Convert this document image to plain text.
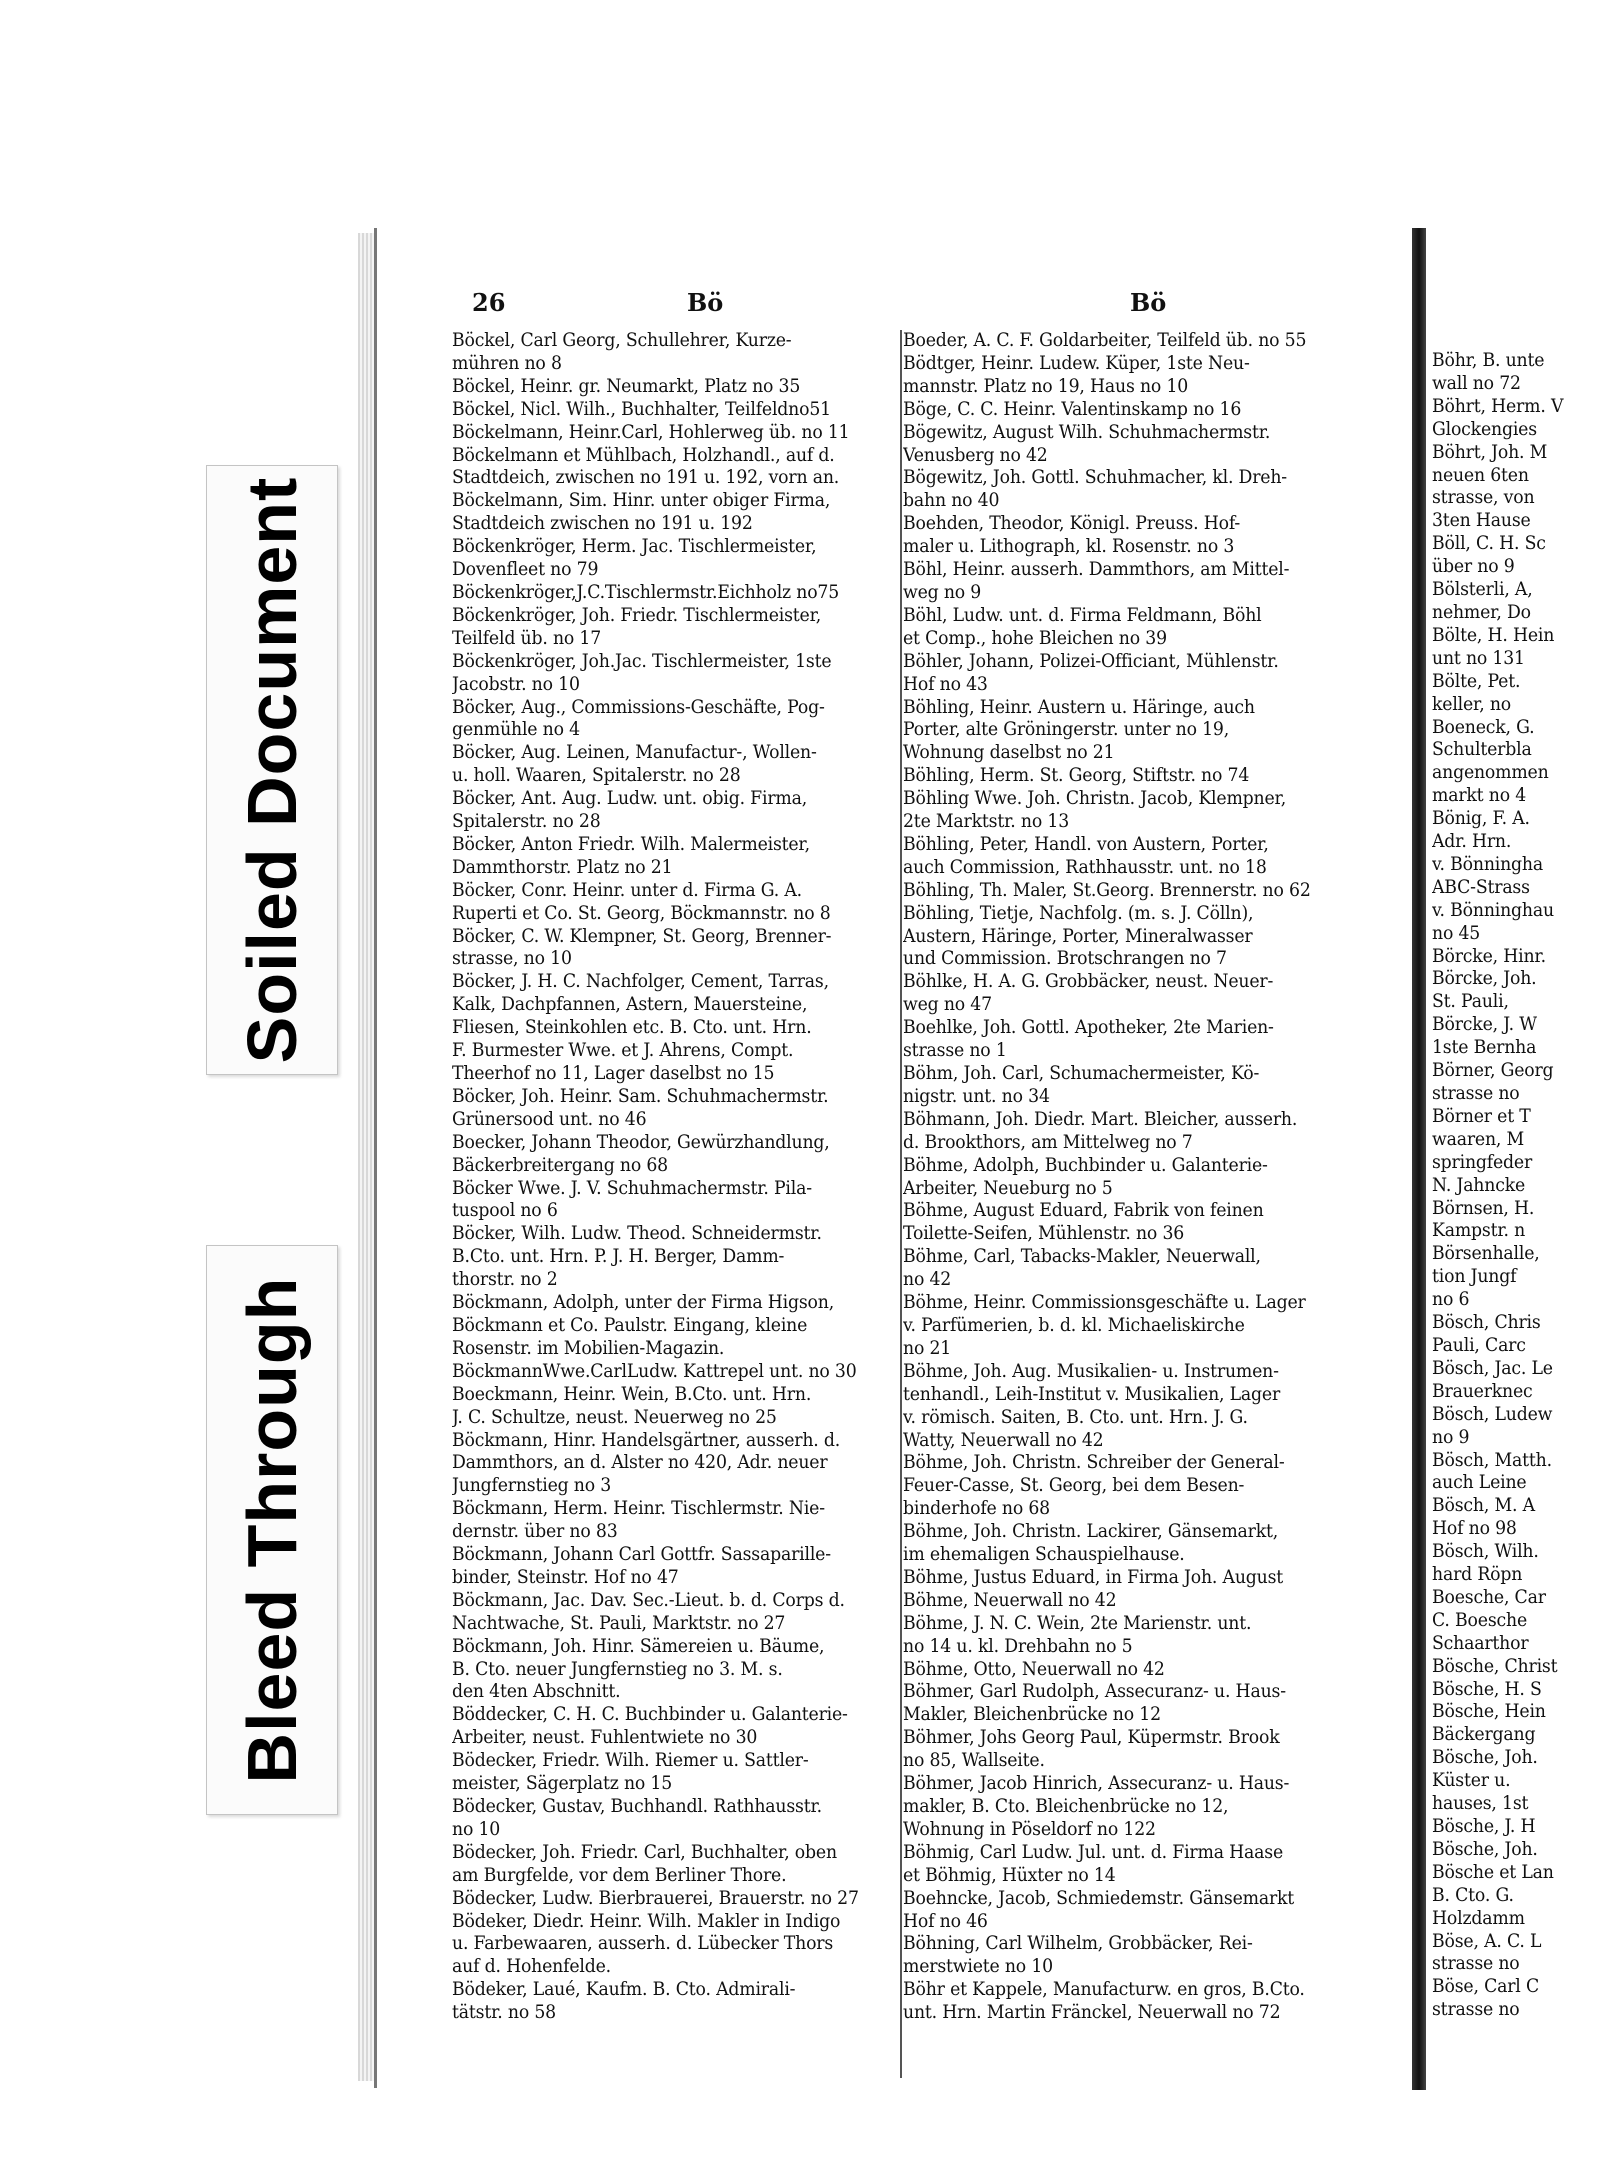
Soiled Document
Bleed Through
26	Bö	Bö
Böckel, Carl Georg, Schullehrer, Kurze-
mühren no 8
Böckel, Heinr. gr. Neumarkt, Platz no 35
Böckel, Nicl. Wilh., Buchhalter, Teilfeldno51
Böckelmann, Heinr.Carl, Hohlerweg üb. no 11
Böckelmann et Mühlbach, Holzhandl., auf d.
Stadtdeich, zwischen no 191 u. 192, vorn an.
Böckelmann, Sim. Hinr. unter obiger Firma,
Stadtdeich zwischen no 191 u. 192
Böckenkröger, Herm. Jac. Tischlermeister,
Dovenfleet no 79
Böckenkröger,J.C.Tischlermstr.Eichholz no75
Böckenkröger, Joh. Friedr. Tischlermeister,
Teilfeld üb. no 17
Böckenkröger, Joh.Jac. Tischlermeister, 1ste
Jacobstr. no 10
Böcker, Aug., Commissions-Geschäfte, Pog-
genmühle no 4
Böcker, Aug. Leinen, Manufactur-, Wollen-
u. holl. Waaren, Spitalerstr. no 28
Böcker, Ant. Aug. Ludw. unt. obig. Firma,
Spitalerstr. no 28
Böcker, Anton Friedr. Wilh. Malermeister,
Dammthorstr. Platz no 21
Böcker, Conr. Heinr. unter d. Firma G. A.
Ruperti et Co. St. Georg, Böckmannstr. no 8
Böcker, C. W. Klempner, St. Georg, Brenner-
strasse, no 10
Böcker, J. H. C. Nachfolger, Cement, Tarras,
Kalk, Dachpfannen, Astern, Mauersteine,
Fliesen, Steinkohlen etc. B. Cto. unt. Hrn.
F. Burmester Wwe. et J. Ahrens, Compt.
Theerhof no 11, Lager daselbst no 15
Böcker, Joh. Heinr. Sam. Schuhmachermstr.
Grünersood unt. no 46
Boecker, Johann Theodor, Gewürzhandlung,
Bäckerbreitergang no 68
Böcker Wwe. J. V. Schuhmachermstr. Pila-
tuspool no 6
Böcker, Wilh. Ludw. Theod. Schneidermstr.
B.Cto. unt. Hrn. P. J. H. Berger, Damm-
thorstr. no 2
Böckmann, Adolph, unter der Firma Higson,
Böckmann et Co. Paulstr. Eingang, kleine
Rosenstr. im Mobilien-Magazin.
BöckmannWwe.CarlLudw. Kattrepel unt. no 30
Boeckmann, Heinr. Wein, B.Cto. unt. Hrn.
J. C. Schultze, neust. Neuerweg no 25
Böckmann, Hinr. Handelsgärtner, ausserh. d.
Dammthors, an d. Alster no 420, Adr. neuer
Jungfernstieg no 3
Böckmann, Herm. Heinr. Tischlermstr. Nie-
dernstr. über no 83
Böckmann, Johann Carl Gottfr. Sassaparille-
binder, Steinstr. Hof no 47
Böckmann, Jac. Dav. Sec.-Lieut. b. d. Corps d.
Nachtwache, St. Pauli, Marktstr. no 27
Böckmann, Joh. Hinr. Sämereien u. Bäume,
B. Cto. neuer Jungfernstieg no 3. M. s.
den 4ten Abschnitt.
Böddecker, C. H. C. Buchbinder u. Galanterie-
Arbeiter, neust. Fuhlentwiete no 30
Bödecker, Friedr. Wilh. Riemer u. Sattler-
meister, Sägerplatz no 15
Bödecker, Gustav, Buchhandl. Rathhausstr.
no 10
Bödecker, Joh. Friedr. Carl, Buchhalter, oben
am Burgfelde, vor dem Berliner Thore.
Bödecker, Ludw. Bierbrauerei, Brauerstr. no 27
Bödeker, Diedr. Heinr. Wilh. Makler in Indigo
u. Farbewaaren, ausserh. d. Lübecker Thors
auf d. Hohenfelde.
Bödeker, Laué, Kaufm. B. Cto. Admirali-
tätstr. no 58
Boeder, A. C. F. Goldarbeiter, Teilfeld üb. no 55
Bödtger, Heinr. Ludew. Küper, 1ste Neu-
mannstr. Platz no 19, Haus no 10
Böge, C. C. Heinr. Valentinskamp no 16
Bögewitz, August Wilh. Schuhmachermstr.
Venusberg no 42
Bögewitz, Joh. Gottl. Schuhmacher, kl. Dreh-
bahn no 40
Boehden, Theodor, Königl. Preuss. Hof-
maler u. Lithograph, kl. Rosenstr. no 3
Böhl, Heinr. ausserh. Dammthors, am Mittel-
weg no 9
Böhl, Ludw. unt. d. Firma Feldmann, Böhl
et Comp., hohe Bleichen no 39
Böhler, Johann, Polizei-Officiant, Mühlenstr.
Hof no 43
Böhling, Heinr. Austern u. Häringe, auch
Porter, alte Gröningerstr. unter no 19,
Wohnung daselbst no 21
Böhling, Herm. St. Georg, Stiftstr. no 74
Böhling Wwe. Joh. Christn. Jacob, Klempner,
2te Marktstr. no 13
Böhling, Peter, Handl. von Austern, Porter,
auch Commission, Rathhausstr. unt. no 18
Böhling, Th. Maler, St.Georg. Brennerstr. no 62
Böhling, Tietje, Nachfolg. (m. s. J. Cölln),
Austern, Häringe, Porter, Mineralwasser
und Commission. Brotschrangen no 7
Böhlke, H. A. G. Grobbäcker, neust. Neuer-
weg no 47
Boehlke, Joh. Gottl. Apotheker, 2te Marien-
strasse no 1
Böhm, Joh. Carl, Schumachermeister, Kö-
nigstr. unt. no 34
Böhmann, Joh. Diedr. Mart. Bleicher, ausserh.
d. Brookthors, am Mittelweg no 7
Böhme, Adolph, Buchbinder u. Galanterie-
Arbeiter, Neueburg no 5
Böhme, August Eduard, Fabrik von feinen
Toilette-Seifen, Mühlenstr. no 36
Böhme, Carl, Tabacks-Makler, Neuerwall,
no 42
Böhme, Heinr. Commissionsgeschäfte u. Lager
v. Parfümerien, b. d. kl. Michaeliskirche
no 21
Böhme, Joh. Aug. Musikalien- u. Instrumen-
tenhandl., Leih-Institut v. Musikalien, Lager
v. römisch. Saiten, B. Cto. unt. Hrn. J. G.
Watty, Neuerwall no 42
Böhme, Joh. Christn. Schreiber der General-
Feuer-Casse, St. Georg, bei dem Besen-
binderhofe no 68
Böhme, Joh. Christn. Lackirer, Gänsemarkt,
im ehemaligen Schauspielhause.
Böhme, Justus Eduard, in Firma Joh. August
Böhme, Neuerwall no 42
Böhme, J. N. C. Wein, 2te Marienstr. unt.
no 14 u. kl. Drehbahn no 5
Böhme, Otto, Neuerwall no 42
Böhmer, Garl Rudolph, Assecuranz- u. Haus-
Makler, Bleichenbrücke no 12
Böhmer, Johs Georg Paul, Küpermstr. Brook
no 85, Wallseite.
Böhmer, Jacob Hinrich, Assecuranz- u. Haus-
makler, B. Cto. Bleichenbrücke no 12,
Wohnung in Pöseldorf no 122
Böhmig, Carl Ludw. Jul. unt. d. Firma Haase
et Böhmig, Hüxter no 14
Boehncke, Jacob, Schmiedemstr. Gänsemarkt
Hof no 46
Böhning, Carl Wilhelm, Grobbäcker, Rei-
merstwiete no 10
Böhr et Kappele, Manufacturw. en gros, B.Cto.
unt. Hrn. Martin Fränckel, Neuerwall no 72
Böhr, B. unte
wall no 72
Böhrt, Herm. V
Glockengies
Böhrt, Joh. M
neuen 6ten
strasse, von
3ten Hause
Böll, C. H. Sc
über no 9
Bölsterli, A,
nehmer, Do
Bölte, H. Hein
unt no 131
Bölte, Pet.
keller, no
Boeneck, G.
Schulterbla
angenommen
markt no 4
Bönig, F. A.
Adr. Hrn.
v. Bönningha
ABC-Strass
v. Bönninghau
no 45
Börcke, Hinr.
Börcke, Joh.
St. Pauli,
Börcke, J. W
1ste Bernha
Börner, Georg
strasse no
Börner et T
waaren, M
springfeder
N. Jahncke
Börnsen, H.
Kampstr. n
Börsenhalle,
tion Jungf
no 6
Bösch, Chris
Pauli, Carc
Bösch, Jac. Le
Brauerknec
Bösch, Ludew
no 9
Bösch, Matth.
auch Leine
Bösch, M. A
Hof no 98
Bösch, Wilh.
hard Röpn
Boesche, Car
C. Boesche
Schaarthor
Bösche, Christ
Bösche, H. S
Bösche, Hein
Bäckergang
Bösche, Joh.
Küster u.
hauses, 1st
Bösche, J. H
Bösche, Joh.
Bösche et Lan
B. Cto. G.
Holzdamm
Böse, A. C. L
strasse no
Böse, Carl C
strasse no
